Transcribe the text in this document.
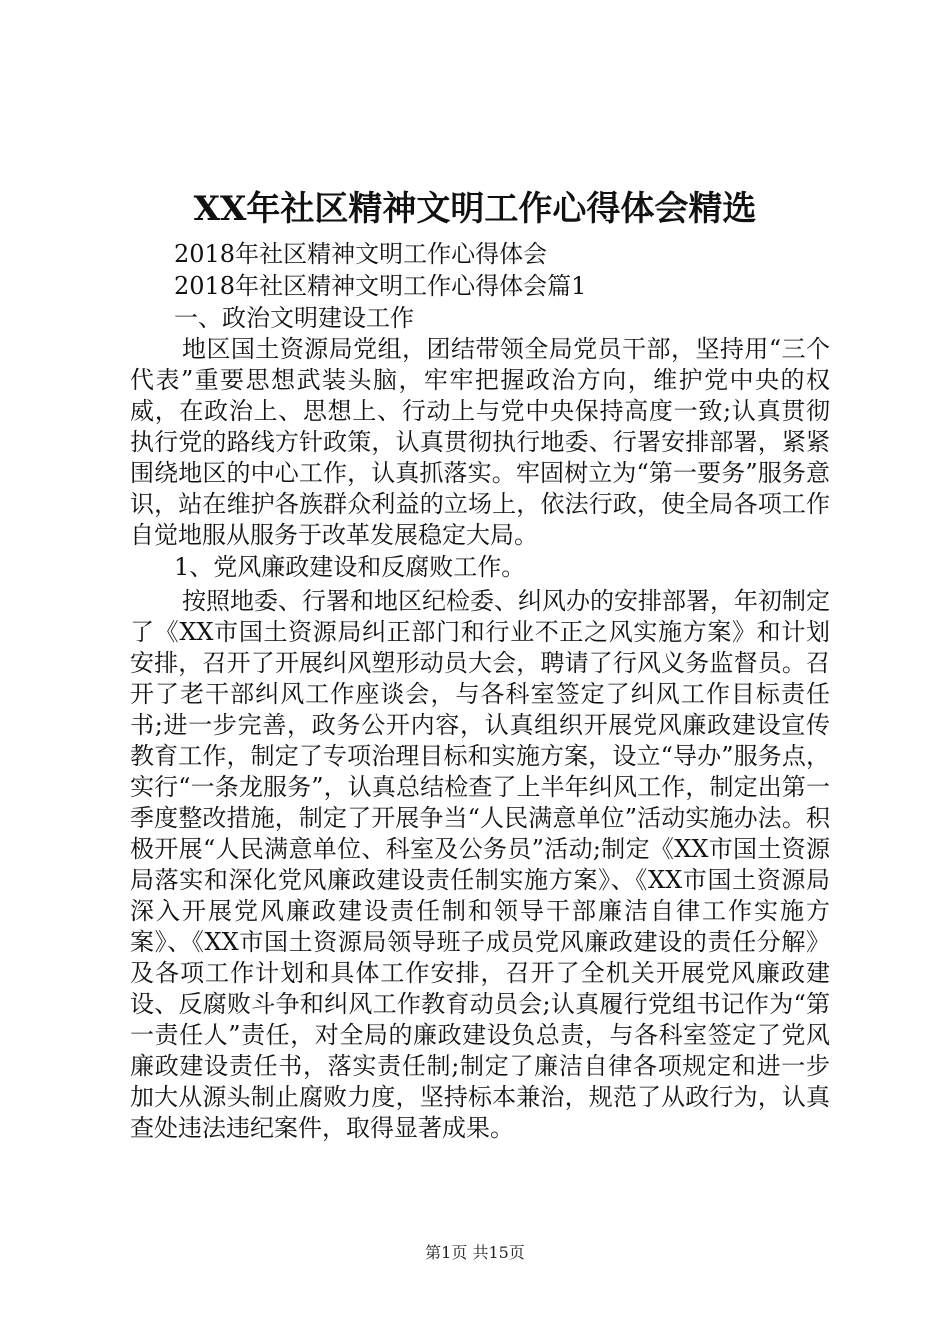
XX年社区精神文明工作心得体会精选
2018年社区精神文明工作心得体会
2018年社区精神文明工作心得体会篇1
一、政治文明建设工作

地区国土资源局党组，团结带领全局党员干部，坚持用“三个代表”重要思想武装头脑，牢牢把握政治方向，维护党中央的权威，在政治上、思想上、行动上与党中央保持高度一致;认真贯彻执行党的路线方针政策，认真贯彻执行地委、行署安排部署，紧紧围绕地区的中心工作，认真抓落实。牢固树立为“第一要务”服务意识，站在维护各族群众利益的立场上，依法行政，使全局各项工作自觉地服从服务于改革发展稳定大局。

1、党风廉政建设和反腐败工作。

按照地委、行署和地区纪检委、纠风办的安排部署，年初制定了《XX市国土资源局纠正部门和行业不正之风实施方案》和计划安排，召开了开展纠风塑形动员大会，聘请了行风义务监督员。召开了老干部纠风工作座谈会，与各科室签定了纠风工作目标责任书;进一步完善，政务公开内容，认真组织开展党风廉政建设宣传教育工作，制定了专项治理目标和实施方案，设立“导办”服务点，实行“一条龙服务”，认真总结检查了上半年纠风工作，制定出第一季度整改措施，制定了开展争当“人民满意单位”活动实施办法。积极开展“人民满意单位、科室及公务员”活动;制定《XX市国土资源局落实和深化党风廉政建设责任制实施方案》、《XX市国土资源局深入开展党风廉政建设责任制和领导干部廉洁自律工作实施方案》、《XX市国土资源局领导班子成员党风廉政建设的责任分解》及各项工作计划和具体工作安排，召开了全机关开展党风廉政建设、反腐败斗争和纠风工作教育动员会;认真履行党组书记作为“第一责任人”责任，对全局的廉政建设负总责，与各科室签定了党风廉政建设责任书，落实责任制;制定了廉洁自律各项规定和进一步加大从源头制止腐败力度，坚持标本兼治，规范了从政行为，认真查处违法违纪案件，取得显著成果。

第1页 共15页
